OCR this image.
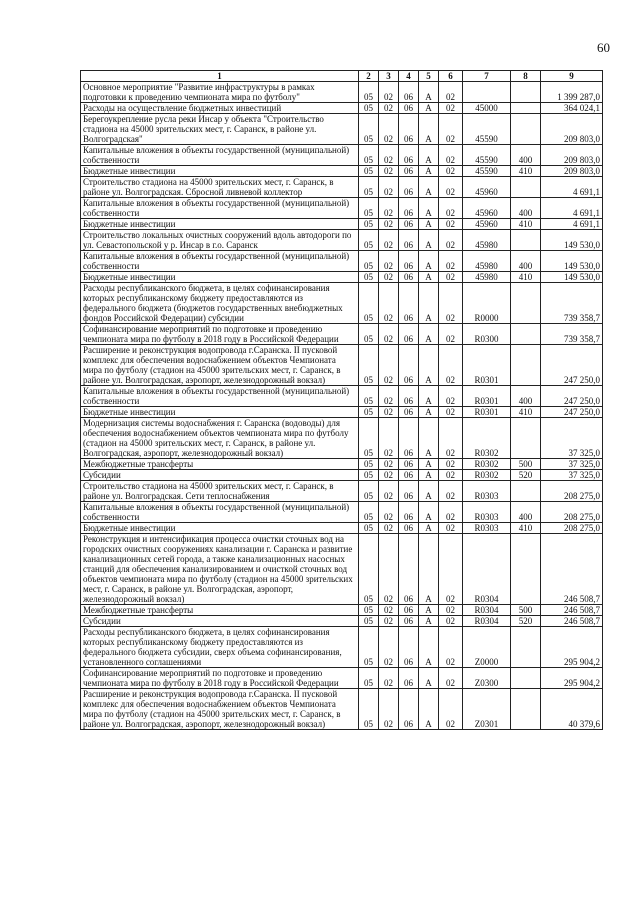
60
1	2	3	4	5	6	7	8	9
Основное мероприятие "Развитие инфраструктуры в рамках подготовки к проведению чемпионата мира по футболу"	05	02	06	А	02			1 399 287,0
Расходы на осуществление бюджетных инвестиций	05	02	06	А	02	45000		364 024,1
Берегоукрепление русла реки Инсар у объекта "Строительство стадиона на 45000 зрительских мест, г. Саранск, в районе ул. Волгоградская"	05	02	06	А	02	45590		209 803,0
Капитальные вложения в объекты государственной (муниципальной) собственности	05	02	06	А	02	45590	400	209 803,0
Бюджетные инвестиции	05	02	06	А	02	45590	410	209 803,0
Строительство стадиона на 45000 зрительских мест, г. Саранск, в районе ул. Волгоградская. Сбросной ливневой коллектор	05	02	06	А	02	45960		4 691,1
Капитальные вложения в объекты государственной (муниципальной) собственности	05	02	06	А	02	45960	400	4 691,1
Бюджетные инвестиции	05	02	06	А	02	45960	410	4 691,1
Строительство локальных очистных сооружений вдоль автодороги по ул. Севастопольской у р. Инсар в г.о. Саранск	05	02	06	А	02	45980		149 530,0
Капитальные вложения в объекты государственной (муниципальной) собственности	05	02	06	А	02	45980	400	149 530,0
Бюджетные инвестиции	05	02	06	А	02	45980	410	149 530,0
Расходы республиканского бюджета, в целях софинансирования которых республиканскому бюджету предоставляются из федерального бюджета (бюджетов государственных внебюджетных фондов Российской Федерации) субсидии	05	02	06	А	02	R0000		739 358,7
Софинансирование мероприятий по подготовке и проведению чемпионата мира по футболу в 2018 году в Российской Федерации	05	02	06	А	02	R0300		739 358,7
Расширение и реконструкция водопровода г.Саранска. II пусковой комплекс для обеспечения водоснабжением объектов Чемпионата мира по футболу (стадион на 45000 зрительских мест, г. Саранск, в районе ул. Волгоградская, аэропорт, железнодорожный вокзал)	05	02	06	А	02	R0301		247 250,0
Капитальные вложения в объекты государственной (муниципальной) собственности	05	02	06	А	02	R0301	400	247 250,0
Бюджетные инвестиции	05	02	06	А	02	R0301	410	247 250,0
Модернизация системы водоснабжения г. Саранска (водоводы) для обеспечения водоснабжением объектов чемпионата мира по футболу (стадион на 45000 зрительских мест, г. Саранск, в районе ул. Волгоградская, аэропорт, железнодорожный вокзал)	05	02	06	А	02	R0302		37 325,0
Межбюджетные трансферты	05	02	06	А	02	R0302	500	37 325,0
Субсидии	05	02	06	А	02	R0302	520	37 325,0
Строительство стадиона на 45000 зрительских мест, г. Саранск, в районе ул. Волгоградская. Сети теплоснабжения	05	02	06	А	02	R0303		208 275,0
Капитальные вложения в объекты государственной (муниципальной) собственности	05	02	06	А	02	R0303	400	208 275,0
Бюджетные инвестиции	05	02	06	А	02	R0303	410	208 275,0
Реконструкция и интенсификация процесса очистки сточных вод на городских очистных сооружениях канализации г. Саранска и развитие канализационных сетей города, а также канализационных насосных станций для обеспечения канализированием и очисткой сточных вод объектов чемпионата мира по футболу (стадион на 45000 зрительских мест, г. Саранск, в районе ул. Волгоградская, аэропорт, железнодорожный вокзал)	05	02	06	А	02	R0304		246 508,7
Межбюджетные трансферты	05	02	06	А	02	R0304	500	246 508,7
Субсидии	05	02	06	А	02	R0304	520	246 508,7
Расходы республиканского бюджета, в целях софинансирования которых республиканскому бюджету предоставляются из федерального бюджета субсидии, сверх объема софинансирования, установленного соглашениями	05	02	06	А	02	Z0000		295 904,2
Софинансирование мероприятий по подготовке и проведению чемпионата мира по футболу в 2018 году в Российской Федерации	05	02	06	А	02	Z0300		295 904,2
Расширение и реконструкция водопровода г.Саранска. II пусковой комплекс для обеспечения водоснабжением объектов Чемпионата мира по футболу (стадион на 45000 зрительских мест, г. Саранск, в районе ул. Волгоградская, аэропорт, железнодорожный вокзал)	05	02	06	А	02	Z0301		40 379,6
